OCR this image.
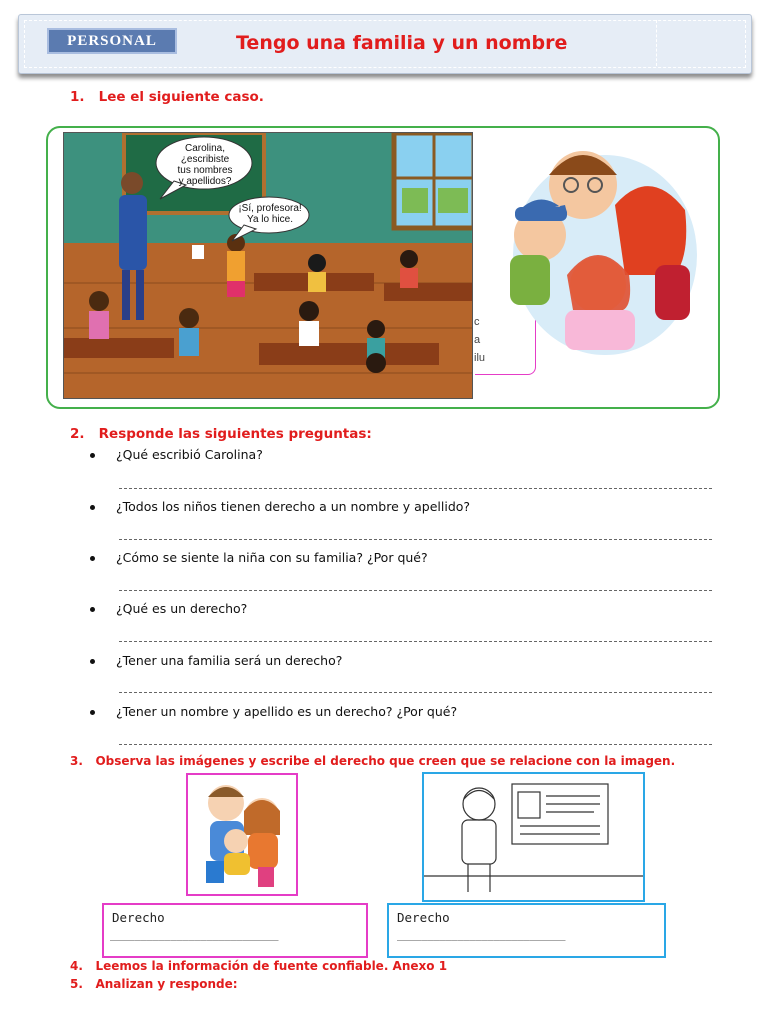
PERSONAL	Tengo una familia y un nombre
1. Lee el siguiente caso.
Carolina, ¿escribiste
tus nombres
y apellidos?
¡Sí, profesora!
Ya lo hice.
c
a
ilu
2. Responde las siguientes preguntas:
¿Qué escribió Carolina?
¿Todos los niños tienen derecho a un nombre y apellido?
¿Cómo se siente la niña con su familia? ¿Por qué?
¿Qué es un derecho?
¿Tener una familia será un derecho?
¿Tener un nombre y apellido es un derecho? ¿Por qué?
3. Observa las imágenes y escribe el derecho que creen que se relacione con la imagen.
Derecho
____________________________
Derecho
____________________________
4. Leemos la información de fuente confiable. Anexo 1
5. Analizan y responde:
